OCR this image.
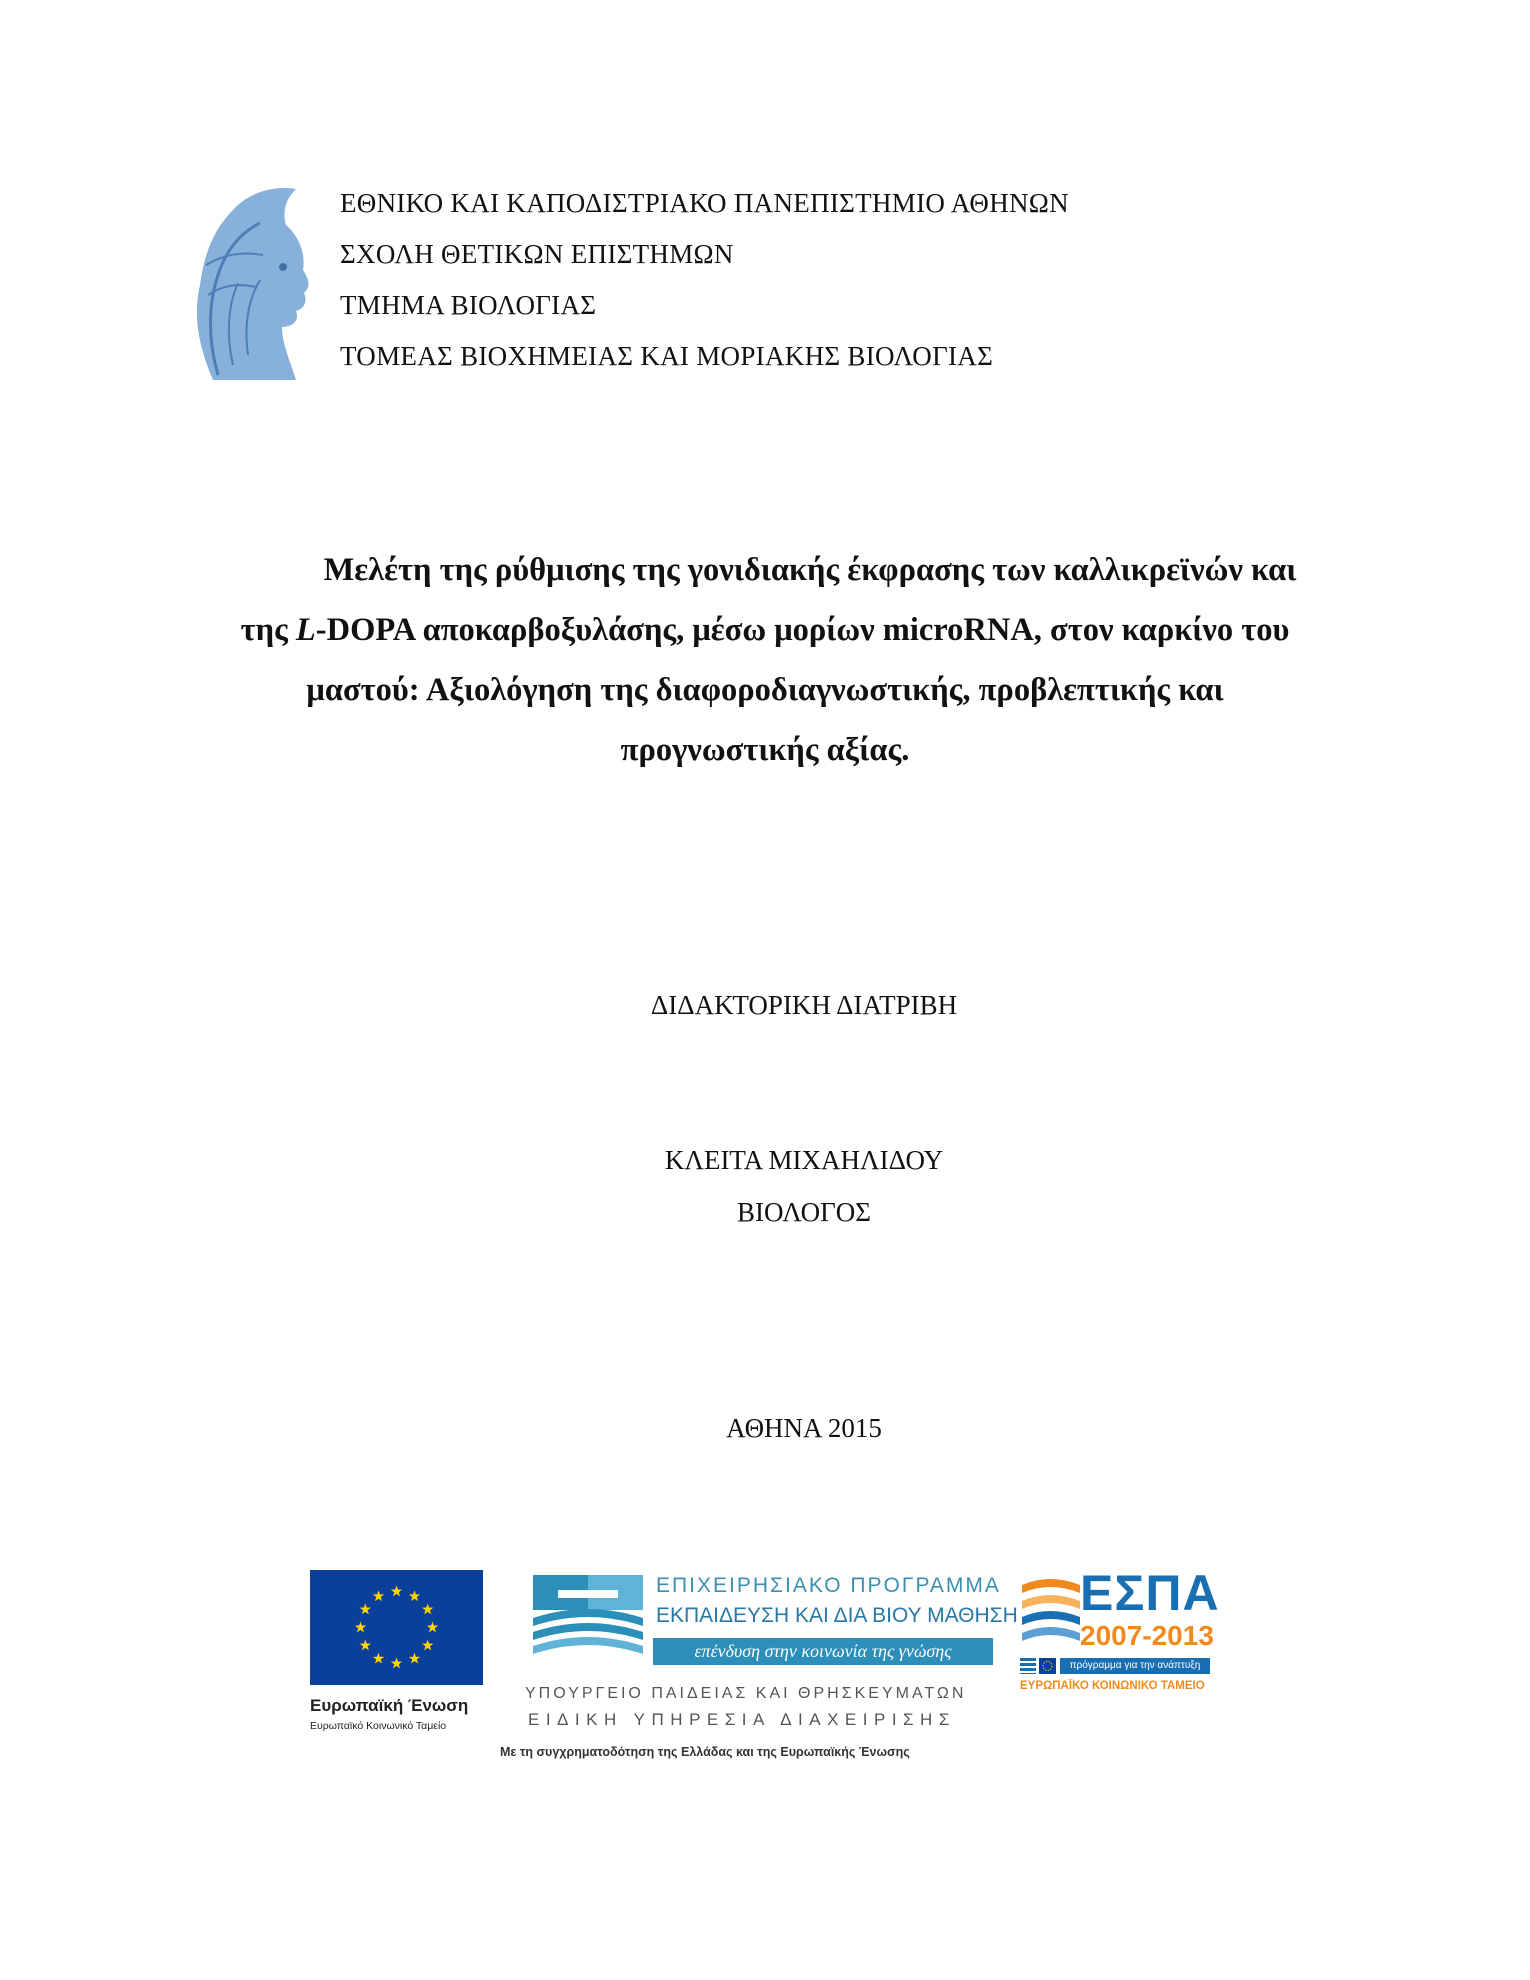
ΕΘΝΙΚΟ ΚΑΙ ΚΑΠΟΔΙΣΤΡΙΑΚΟ ΠΑΝΕΠΙΣΤΗΜΙΟ ΑΘΗΝΩΝ
ΣΧΟΛΗ ΘΕΤΙΚΩΝ ΕΠΙΣΤΗΜΩΝ
ΤΜΗΜΑ ΒΙΟΛΟΓΙΑΣ
ΤΟΜΕΑΣ ΒΙΟΧΗΜΕΙΑΣ ΚΑΙ ΜΟΡΙΑΚΗΣ ΒΙΟΛΟΓΙΑΣ
Μελέτη της ρύθμισης της γονιδιακής έκφρασης των καλλικρεϊνών και
της L-DOPA αποκαρβοξυλάσης, μέσω μορίων microRNA, στον καρκίνο του
μαστού: Αξιολόγηση της διαφοροδιαγνωστικής, προβλεπτικής και
προγνωστικής αξίας.
ΔΙΔΑΚΤΟΡΙΚΗ ΔΙΑΤΡΙΒΗ
ΚΛΕΙΤΑ ΜΙΧΑΗΛΙΔΟΥ
ΒΙΟΛΟΓΟΣ
ΑΘΗΝΑ 2015
Ευρωπαϊκή Ένωση
Ευρωπαϊκό Κοινωνικό Ταμείο
ΕΠΙΧΕΙΡΗΣΙΑΚΟ ΠΡΟΓΡΑΜΜΑ
ΕΚΠΑΙΔΕΥΣΗ ΚΑΙ ΔΙΑ ΒΙΟΥ ΜΑΘΗΣΗ
επένδυση στην κοινωνία της γνώσης
ΥΠΟΥΡΓΕΙΟ ΠΑΙΔΕΙΑΣ ΚΑΙ ΘΡΗΣΚΕΥΜΑΤΩΝ
ΕΙΔΙΚΗ ΥΠΗΡΕΣΙΑ ΔΙΑΧΕΙΡΙΣΗΣ
Με τη συγχρηματοδότηση της Ελλάδας και της Ευρωπαϊκής Ένωσης
ΕΣΠΑ
2007-2013
πρόγραμμα για την ανάπτυξη
ΕΥΡΩΠΑΪΚΟ ΚΟΙΝΩΝΙΚΟ ΤΑΜΕΙΟ
